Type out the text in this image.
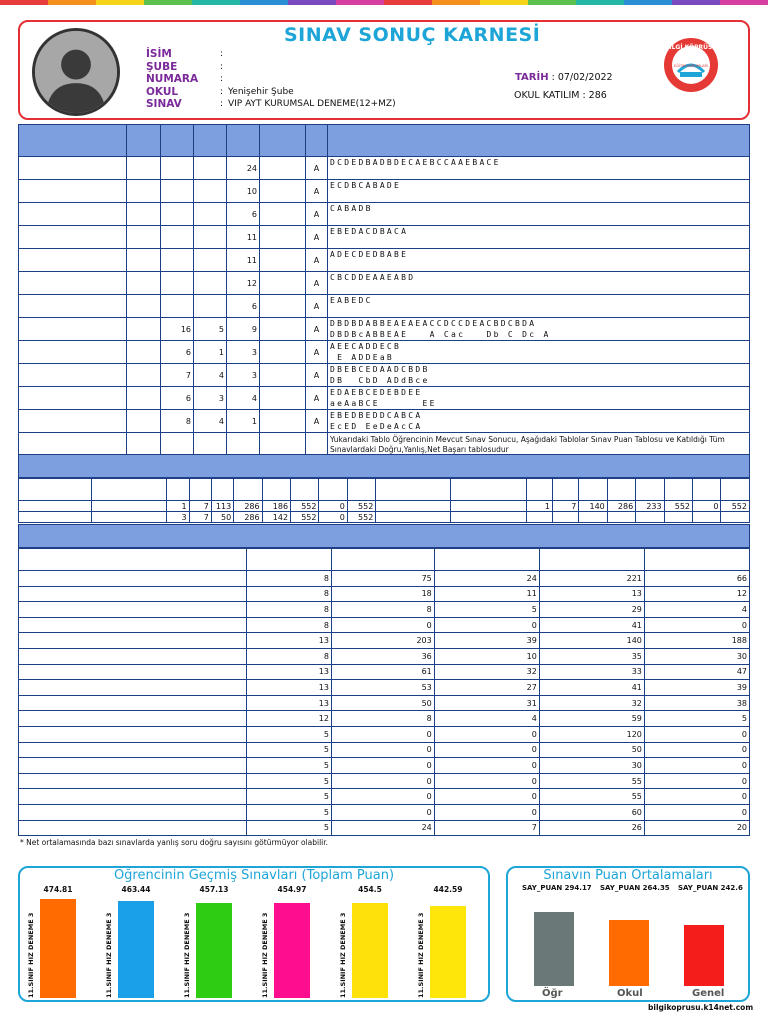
SINAV SONUÇ KARNESİ
İSİM	:
ŞUBE	:
NUMARA	:
OKUL	: Yenişehir Şube
SINAV	: VIP AYT KURUMSAL DENEME(12+MZ)
TARİH : 07/02/2022
OKUL KATILIM : 286
BİLGİ KÖPRÜSÜ
EĞİTİM KURUMLARI

				24		A	DCDEDBADBDECAEBCCAAEBACE

				10		A	ECDBCABADE

				6		A	CABADB

				11		A	EBEDACDBACA

				11		A	ADECDEDBABE

				12		A	CBCDDEAAEABD

				6		A	EABEDC

		16	5	9		A	DBDBDABBEAEAEACCDCCDEACBDCBDA
DBDBcABBEAE   A Cac   Db C Dc A

		6	1	3		A	AEECADDECB
E ADDEaB

		7	4	3		A	DBEBCEDAADCBDB
DB  CbD ADdBce

		6	3	4		A	EDAEBCEDEBDEE
aeAaBCE      EE

		8	4	1		A	EBEDBEDDCABCA
EcED EeDeAcCA

							Yukarıdaki Tablo Öğrencinin Mevcut Sınav Sonucu, Aşağıdaki Tablolar Sınav Puan Tablosu ve Katıldığı Tüm Sınavlardaki Doğru,Yanlış,Net Başarı tablosudur

		1	7	113	286	186	552	0	552			1	7	140	286	233	552	0	552
		3	7	50	286	142	552	0	552										

	8	75	24	221	66
	8	18	11	13	12
	8	8	5	29	4
	8	0	0	41	0
	13	203	39	140	188
	8	36	10	35	30
	13	61	32	33	47
	13	53	27	41	39
	13	50	31	32	38
	12	8	4	59	5
	5	0	0	120	0
	5	0	0	50	0
	5	0	0	30	0
	5	0	0	55	0
	5	0	0	55	0
	5	0	0	60	0
	5	24	7	26	20
* Net ortalamasında bazı sınavlarda yanlış soru doğru sayısını götürmüyor olabilir.
Öğrencinin Geçmiş Sınavları (Toplam Puan)
474.81
11.SINIF HIZ DENEME 3
463.44
11.SINIF HIZ DENEME 3
457.13
11.SINIF HIZ DENEME 3
454.97
11.SINIF HIZ DENEME 3
454.5
11.SINIF HIZ DENEME 3
442.59
11.SINIF HIZ DENEME 3
Sınavın Puan Ortalamaları
SAY_PUAN 294.17
Öğr
SAY_PUAN 264.35
Okul
SAY_PUAN 242.6
Genel
bilgikoprusu.k14net.com
